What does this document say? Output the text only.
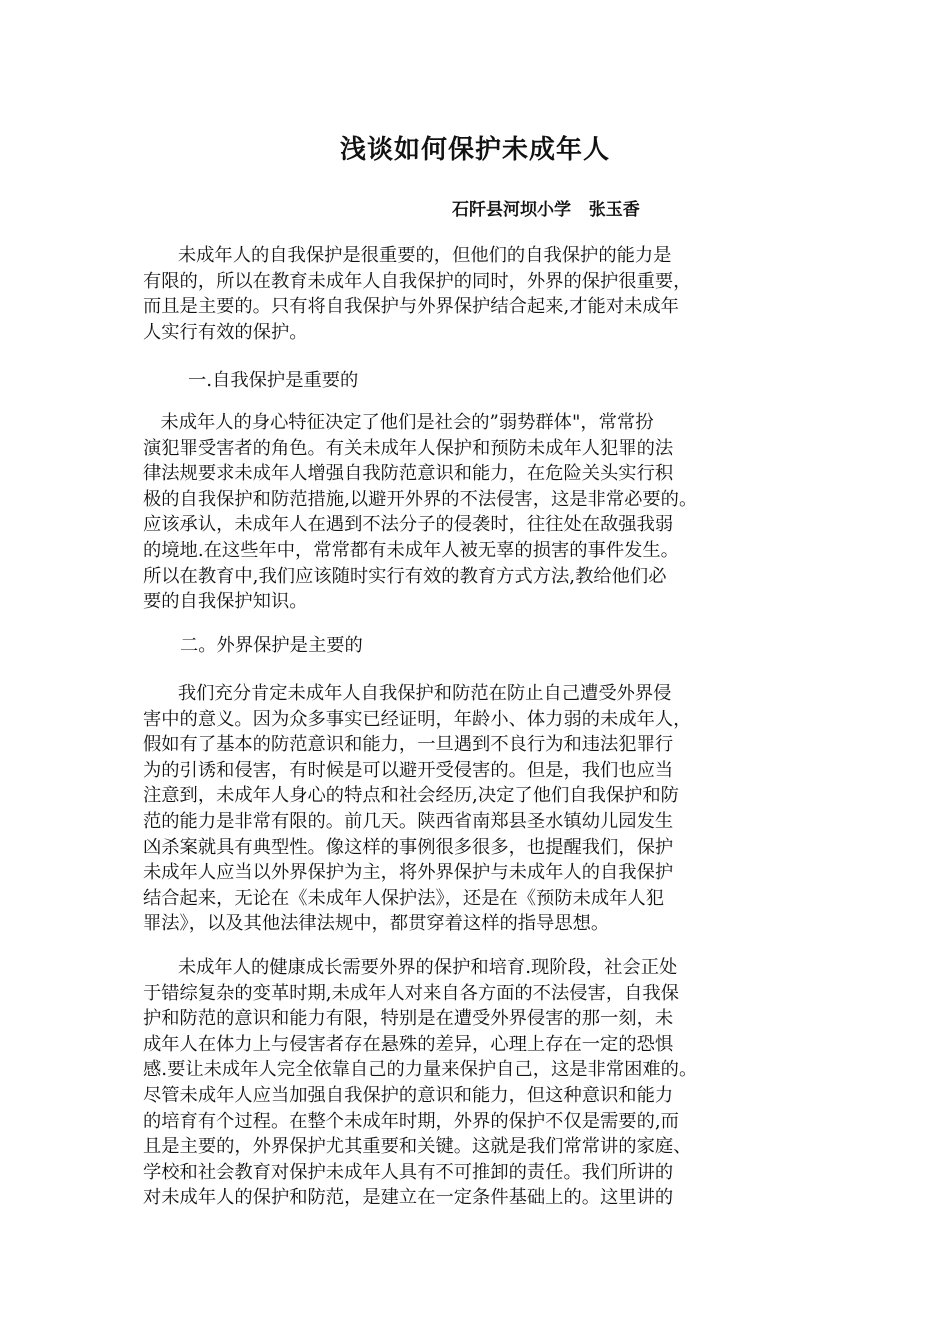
浅谈如何保护未成年人
石阡县河坝小学   张玉香
未成年人的自我保护是很重要的，但他们的自我保护的能力是
有限的，所以在教育未成年人自我保护的同时，外界的保护很重要，
而且是主要的。只有将自我保护与外界保护结合起来,才能对未成年
人实行有效的保护。
一.自我保护是重要的
未成年人的身心特征决定了他们是社会的”弱势群体"，常常扮
演犯罪受害者的角色。有关未成年人保护和预防未成年人犯罪的法
律法规要求未成年人增强自我防范意识和能力，在危险关头实行积
极的自我保护和防范措施,以避开外界的不法侵害，这是非常必要的。
应该承认，未成年人在遇到不法分子的侵袭时，往往处在敌强我弱
的境地.在这些年中，常常都有未成年人被无辜的损害的事件发生。
所以在教育中,我们应该随时实行有效的教育方式方法,教给他们必
要的自我保护知识。
二。外界保护是主要的
我们充分肯定未成年人自我保护和防范在防止自己遭受外界侵
害中的意义。因为众多事实已经证明，年龄小、体力弱的未成年人，
假如有了基本的防范意识和能力，一旦遇到不良行为和违法犯罪行
为的引诱和侵害，有时候是可以避开受侵害的。但是，我们也应当
注意到，未成年人身心的特点和社会经历,决定了他们自我保护和防
范的能力是非常有限的。前几天。陕西省南郑县圣水镇幼儿园发生
凶杀案就具有典型性。像这样的事例很多很多，也提醒我们，保护
未成年人应当以外界保护为主，将外界保护与未成年人的自我保护
结合起来，无论在《未成年人保护法》，还是在《预防未成年人犯
罪法》，以及其他法律法规中，都贯穿着这样的指导思想。
未成年人的健康成长需要外界的保护和培育.现阶段，社会正处
于错综复杂的变革时期,未成年人对来自各方面的不法侵害，自我保
护和防范的意识和能力有限，特别是在遭受外界侵害的那一刻，未
成年人在体力上与侵害者存在悬殊的差异，心理上存在一定的恐惧
感.要让未成年人完全依靠自己的力量来保护自己，这是非常困难的。
尽管未成年人应当加强自我保护的意识和能力，但这种意识和能力
的培育有个过程。在整个未成年时期，外界的保护不仅是需要的,而
且是主要的，外界保护尤其重要和关键。这就是我们常常讲的家庭、
学校和社会教育对保护未成年人具有不可推卸的责任。我们所讲的
对未成年人的保护和防范，是建立在一定条件基础上的。这里讲的
